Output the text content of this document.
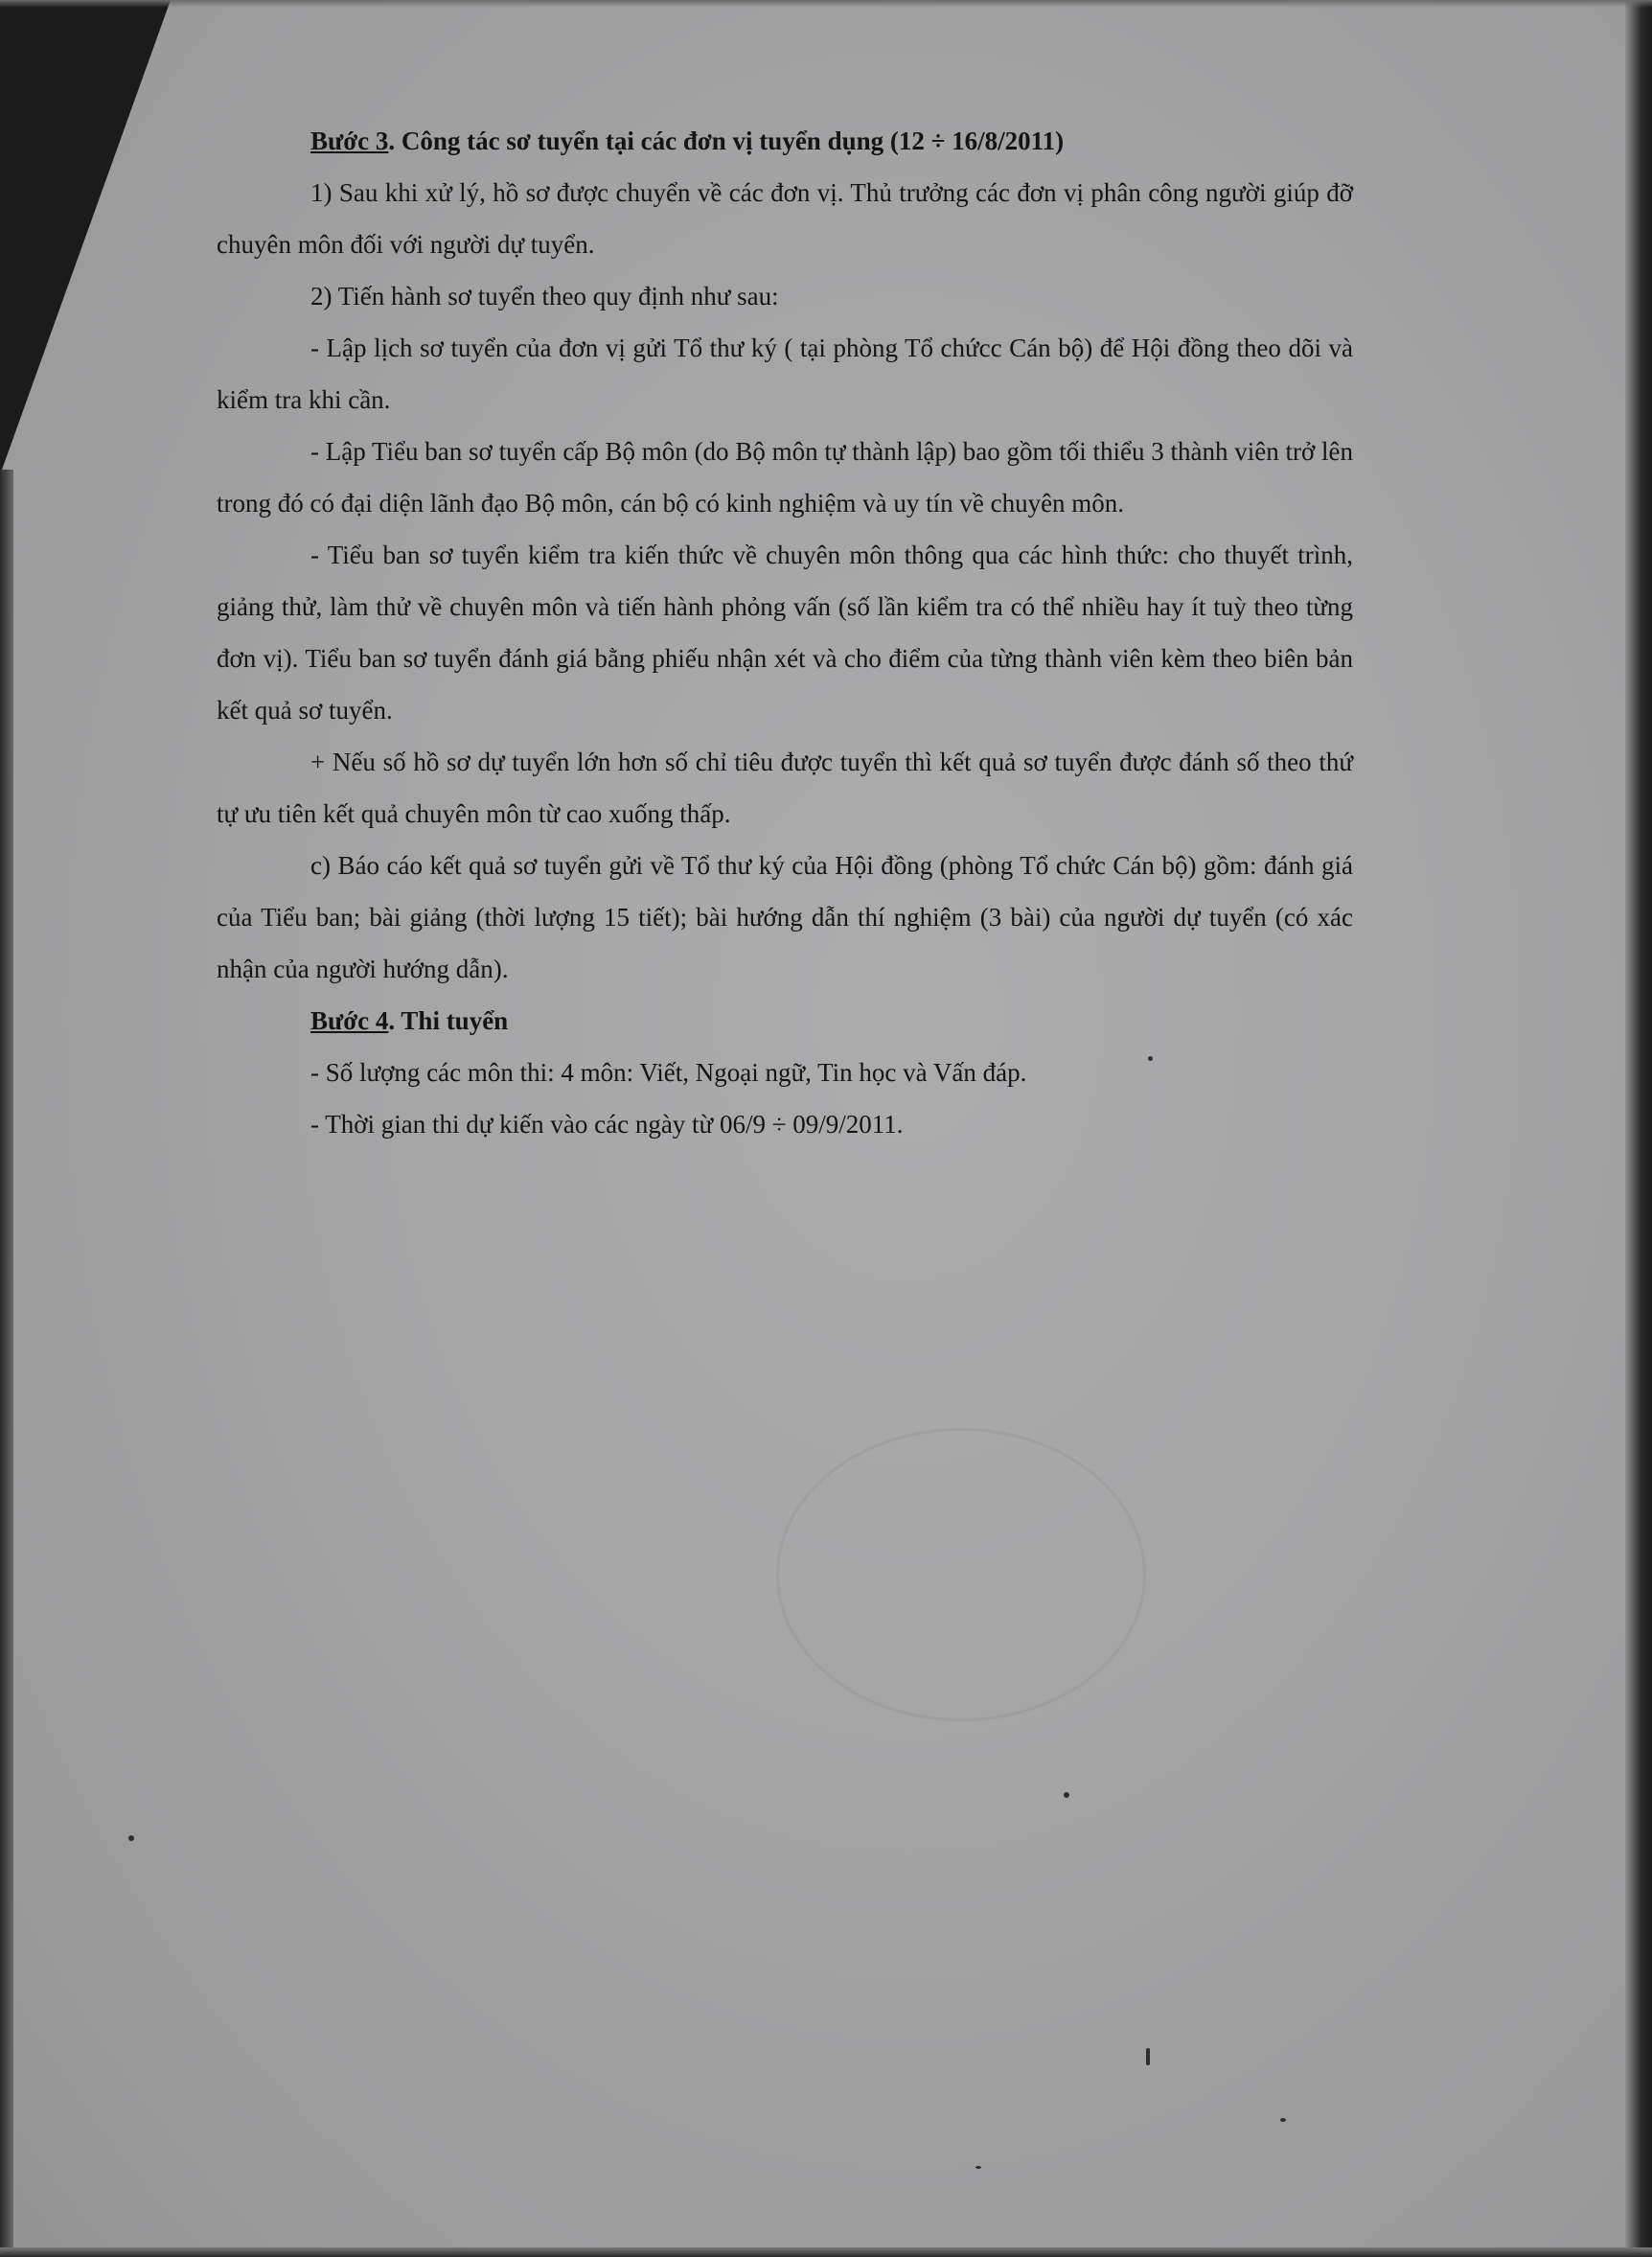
Bước 3. Công tác sơ tuyển tại các đơn vị tuyển dụng (12 ÷ 16/8/2011)

1) Sau khi xử lý, hồ sơ được chuyển về các đơn vị. Thủ trưởng các đơn vị phân công người giúp đỡ chuyên môn đối với người dự tuyển.

2) Tiến hành sơ tuyển theo quy định như sau:

- Lập lịch sơ tuyển của đơn vị gửi Tổ thư ký ( tại phòng Tổ chứcc Cán bộ) để Hội đồng theo dõi và kiểm tra khi cần.

- Lập Tiểu ban sơ tuyển cấp Bộ môn (do Bộ môn tự thành lập) bao gồm tối thiểu 3 thành viên trở lên trong đó có đại diện lãnh đạo Bộ môn, cán bộ có kinh nghiệm và uy tín về chuyên môn.

- Tiểu ban sơ tuyển kiểm tra kiến thức về chuyên môn thông qua các hình thức: cho thuyết trình, giảng thử, làm thử về chuyên môn và tiến hành phỏng vấn (số lần kiểm tra có thể nhiều hay ít tuỳ theo từng đơn vị). Tiểu ban sơ tuyển đánh giá bằng phiếu nhận xét và cho điểm của từng thành viên kèm theo biên bản kết quả sơ tuyển.

+ Nếu số hồ sơ dự tuyển lớn hơn số chỉ tiêu được tuyển thì kết quả sơ tuyển được đánh số theo thứ tự ưu tiên kết quả chuyên môn từ cao xuống thấp.

c) Báo cáo kết quả sơ tuyển gửi về Tổ thư ký của Hội đồng (phòng Tổ chức Cán bộ) gồm: đánh giá của Tiểu ban; bài giảng (thời lượng 15 tiết); bài hướng dẫn thí nghiệm (3 bài) của người dự tuyển (có xác nhận của người hướng dẫn).

Bước 4. Thi tuyển

- Số lượng các môn thi: 4 môn: Viết, Ngoại ngữ, Tin học và Vấn đáp.

- Thời gian thi dự kiến vào các ngày từ 06/9 ÷ 09/9/2011.
